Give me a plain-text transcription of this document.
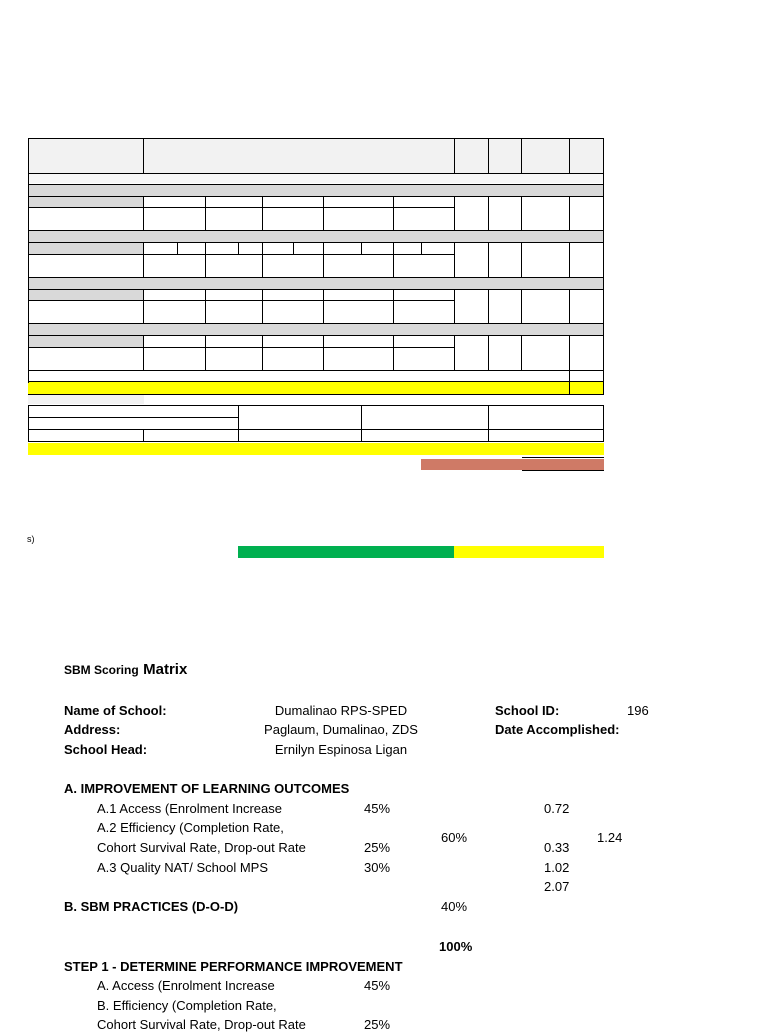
s)
SBM Scoring Matrix
Name of School:	Dumalinao RPS-SPED	School ID:	196
Address:	Paglaum, Dumalinao, ZDS	Date Accomplished:
School Head:	Ernilyn Espinosa Ligan
A. IMPROVEMENT OF LEARNING OUTCOMES
A.1 Access (Enrolment Increase	45%	0.72
A.2 Efficiency (Completion Rate,
60%	1.24
Cohort Survival Rate, Drop-out Rate	25%	0.33
A.3 Quality NAT/ School MPS	30%	1.02
2.07
B. SBM PRACTICES (D-O-D)	40%
100%
STEP 1 - DETERMINE PERFORMANCE IMPROVEMENT
A. Access (Enrolment Increase	45%
B. Efficiency (Completion Rate,
Cohort Survival Rate, Drop-out Rate	25%
